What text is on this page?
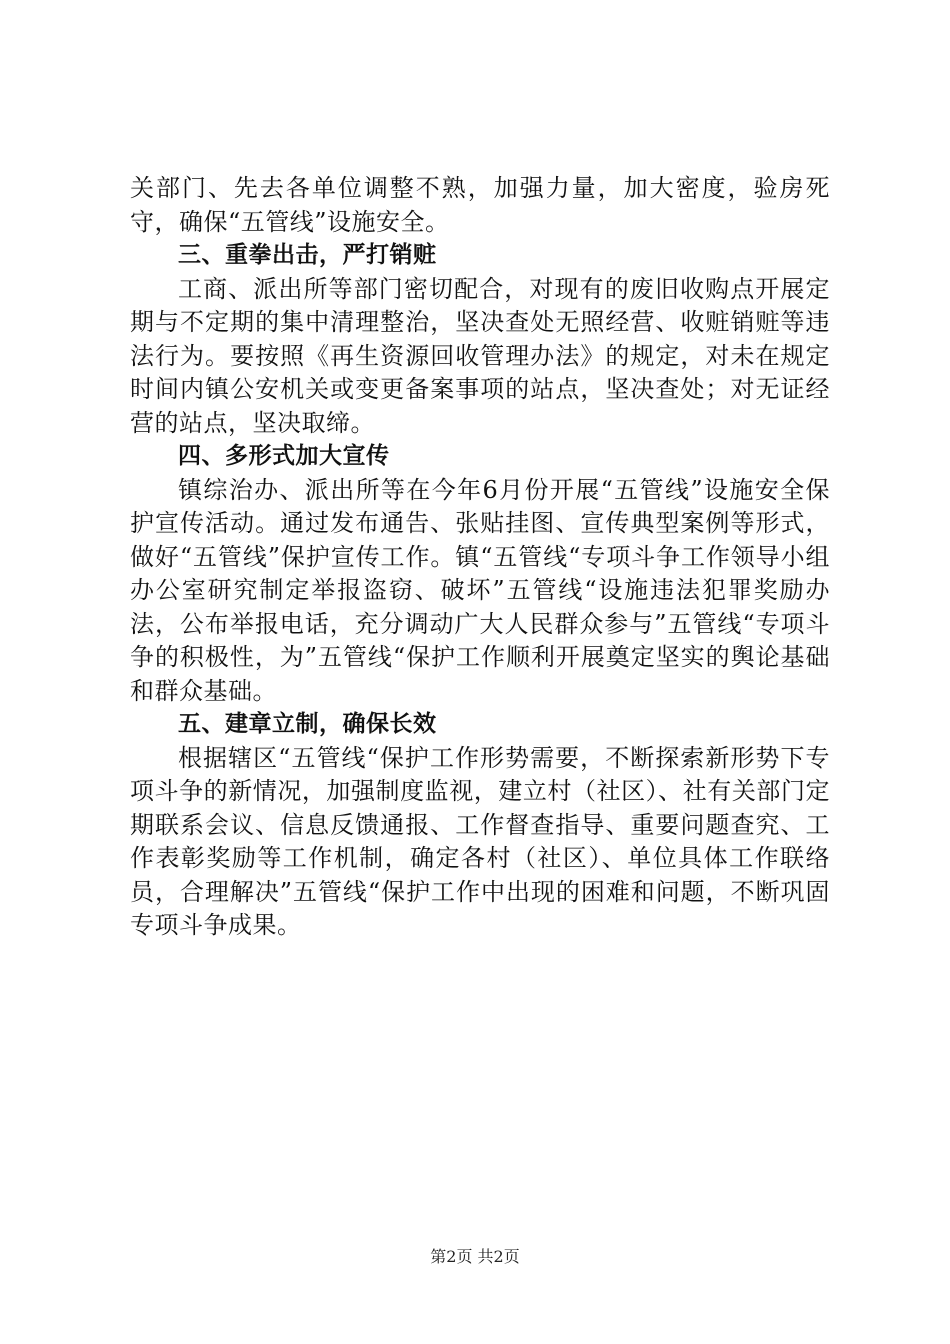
关部门、先去各单位调整不熟，加强力量，加大密度，验房死守，确保“五管线”设施安全。

三、重拳出击，严打销赃

工商、派出所等部门密切配合，对现有的废旧收购点开展定期与不定期的集中清理整治，坚决查处无照经营、收赃销赃等违法行为。要按照《再生资源回收管理办法》的规定，对未在规定时间内镇公安机关或变更备案事项的站点，坚决查处；对无证经营的站点，坚决取缔。

四、多形式加大宣传

镇综治办、派出所等在今年6月份开展“五管线”设施安全保护宣传活动。通过发布通告、张贴挂图、宣传典型案例等形式，做好“五管线”保护宣传工作。镇“五管线“专项斗争工作领导小组办公室研究制定举报盗窃、破坏”五管线“设施违法犯罪奖励办法，公布举报电话，充分调动广大人民群众参与”五管线“专项斗争的积极性，为”五管线“保护工作顺利开展奠定坚实的舆论基础和群众基础。

五、建章立制，确保长效

根据辖区“五管线“保护工作形势需要，不断探索新形势下专项斗争的新情况，加强制度监视，建立村（社区）、社有关部门定期联系会议、信息反馈通报、工作督查指导、重要问题查究、工作表彰奖励等工作机制，确定各村（社区）、单位具体工作联络员，合理解决”五管线“保护工作中出现的困难和问题，不断巩固专项斗争成果。

第2页 共2页
